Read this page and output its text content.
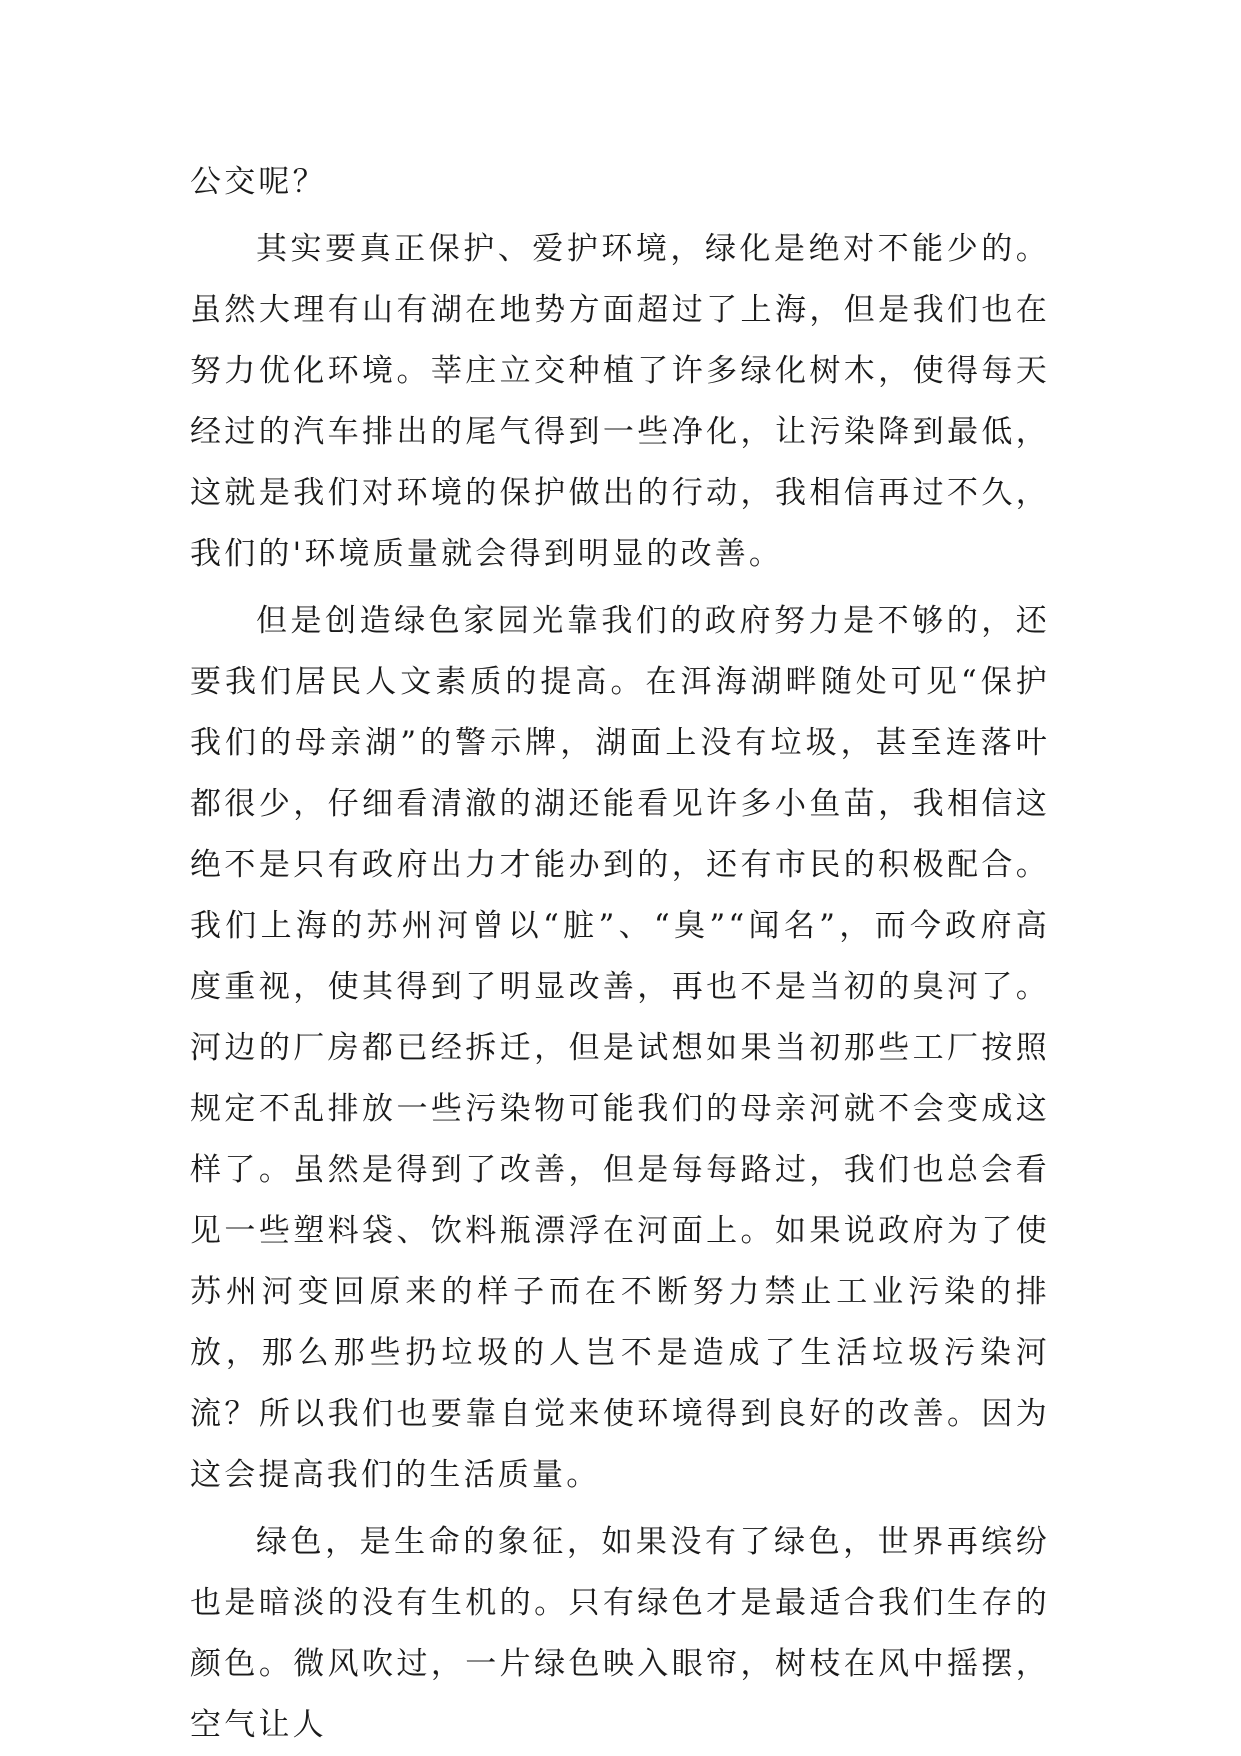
公交呢？

其实要真正保护、爱护环境，绿化是绝对不能少的。虽然大理有山有湖在地势方面超过了上海，但是我们也在努力优化环境。莘庄立交种植了许多绿化树木，使得每天经过的汽车排出的尾气得到一些净化，让污染降到最低，这就是我们对环境的保护做出的行动，我相信再过不久，我们的'环境质量就会得到明显的改善。

但是创造绿色家园光靠我们的政府努力是不够的，还要我们居民人文素质的提高。在洱海湖畔随处可见“保护我们的母亲湖”的警示牌，湖面上没有垃圾，甚至连落叶都很少，仔细看清澈的湖还能看见许多小鱼苗，我相信这绝不是只有政府出力才能办到的，还有市民的积极配合。我们上海的苏州河曾以“脏”、“臭”“闻名”，而今政府高度重视，使其得到了明显改善，再也不是当初的臭河了。河边的厂房都已经拆迁，但是试想如果当初那些工厂按照规定不乱排放一些污染物可能我们的母亲河就不会变成这样了。虽然是得到了改善，但是每每路过，我们也总会看见一些塑料袋、饮料瓶漂浮在河面上。如果说政府为了使苏州河变回原来的样子而在不断努力禁止工业污染的排放，那么那些扔垃圾的人岂不是造成了生活垃圾污染河流？所以我们也要靠自觉来使环境得到良好的改善。因为这会提高我们的生活质量。

绿色，是生命的象征，如果没有了绿色，世界再缤纷也是暗淡的没有生机的。只有绿色才是最适合我们生存的颜色。微风吹过，一片绿色映入眼帘，树枝在风中摇摆，空气让人
